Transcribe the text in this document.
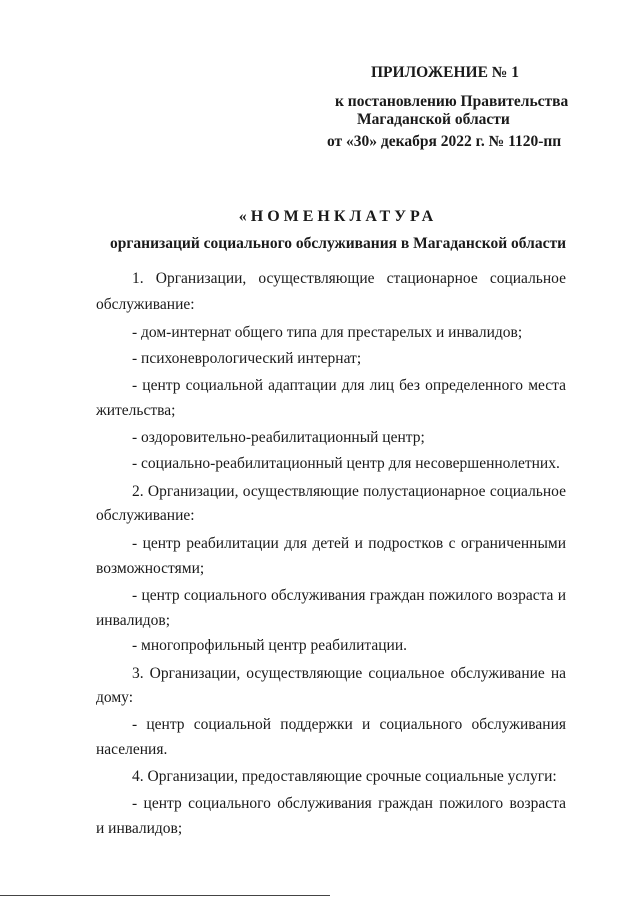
ПРИЛОЖЕНИЕ № 1
к постановлению Правительства
Магаданской области
от «30» декабря 2022 г. № 1120-пп
«НОМЕНКЛАТУРА
организаций социального обслуживания в Магаданской области
1. Организации, осуществляющие стационарное социальное
обслуживание:
- дом-интернат общего типа для престарелых и инвалидов;
- психоневрологический интернат;
- центр социальной адаптации для лиц без определенного места
жительства;
- оздоровительно-реабилитационный центр;
- социально-реабилитационный центр для несовершеннолетних.
2. Организации, осуществляющие полустационарное социальное
обслуживание:
- центр реабилитации для детей и подростков с ограниченными
возможностями;
- центр социального обслуживания граждан пожилого возраста и
инвалидов;
- многопрофильный центр реабилитации.
3. Организации, осуществляющие социальное обслуживание на
дому:
- центр социальной поддержки и социального обслуживания
населения.
4. Организации, предоставляющие срочные социальные услуги:
- центр социального обслуживания граждан пожилого возраста
и инвалидов;
